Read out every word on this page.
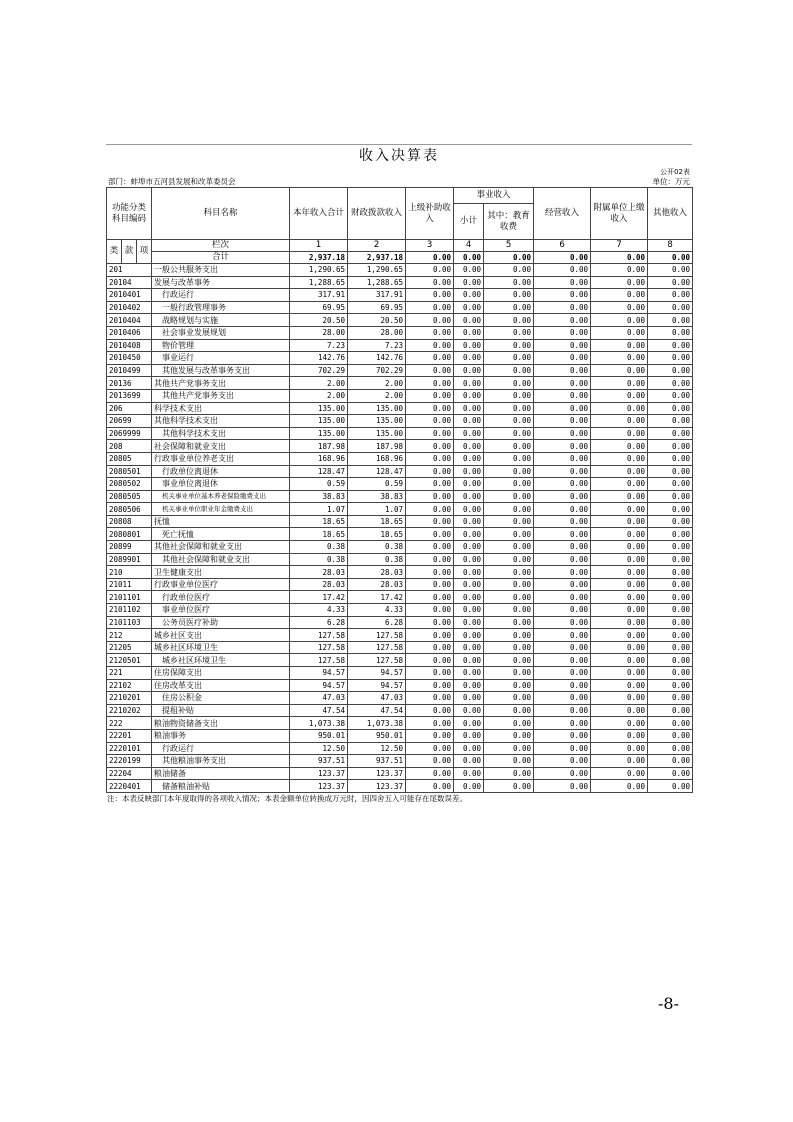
收入决算表
公开02表
部门：蚌埠市五河县发展和改革委员会	单位：万元
功能分类科目编码			科目名称	本年收入合计	财政拨款收入	上级补助收入	事业收入		经营收入	附属单位上缴收入	其他收入
							小计	其中：教育收费			
类	款	项	栏次	1	2	3	4	5	6	7	8
			合计	2,937.18	2,937.18	0.00	0.00	0.00	0.00	0.00	0.00
201			一般公共服务支出	1,290.65	1,290.65	0.00	0.00	0.00	0.00	0.00	0.00
20104			发展与改革事务	1,288.65	1,288.65	0.00	0.00	0.00	0.00	0.00	0.00
2010401			行政运行	317.91	317.91	0.00	0.00	0.00	0.00	0.00	0.00
2010402			一般行政管理事务	69.95	69.95	0.00	0.00	0.00	0.00	0.00	0.00
2010404			战略规划与实施	20.50	20.50	0.00	0.00	0.00	0.00	0.00	0.00
2010406			社会事业发展规划	28.00	28.00	0.00	0.00	0.00	0.00	0.00	0.00
2010408			物价管理	7.23	7.23	0.00	0.00	0.00	0.00	0.00	0.00
2010450			事业运行	142.76	142.76	0.00	0.00	0.00	0.00	0.00	0.00
2010499			其他发展与改革事务支出	702.29	702.29	0.00	0.00	0.00	0.00	0.00	0.00
20136			其他共产党事务支出	2.00	2.00	0.00	0.00	0.00	0.00	0.00	0.00
2013699			其他共产党事务支出	2.00	2.00	0.00	0.00	0.00	0.00	0.00	0.00
206			科学技术支出	135.00	135.00	0.00	0.00	0.00	0.00	0.00	0.00
20699			其他科学技术支出	135.00	135.00	0.00	0.00	0.00	0.00	0.00	0.00
2069999			其他科学技术支出	135.00	135.00	0.00	0.00	0.00	0.00	0.00	0.00
208			社会保障和就业支出	187.98	187.98	0.00	0.00	0.00	0.00	0.00	0.00
20805			行政事业单位养老支出	168.96	168.96	0.00	0.00	0.00	0.00	0.00	0.00
2080501			行政单位离退休	128.47	128.47	0.00	0.00	0.00	0.00	0.00	0.00
2080502			事业单位离退休	0.59	0.59	0.00	0.00	0.00	0.00	0.00	0.00
2080505			机关事业单位基本养老保险缴费支出	38.83	38.83	0.00	0.00	0.00	0.00	0.00	0.00
2080506			机关事业单位职业年金缴费支出	1.07	1.07	0.00	0.00	0.00	0.00	0.00	0.00
20808			抚恤	18.65	18.65	0.00	0.00	0.00	0.00	0.00	0.00
2080801			死亡抚恤	18.65	18.65	0.00	0.00	0.00	0.00	0.00	0.00
20899			其他社会保障和就业支出	0.38	0.38	0.00	0.00	0.00	0.00	0.00	0.00
2089901			其他社会保障和就业支出	0.38	0.38	0.00	0.00	0.00	0.00	0.00	0.00
210			卫生健康支出	28.03	28.03	0.00	0.00	0.00	0.00	0.00	0.00
21011			行政事业单位医疗	28.03	28.03	0.00	0.00	0.00	0.00	0.00	0.00
2101101			行政单位医疗	17.42	17.42	0.00	0.00	0.00	0.00	0.00	0.00
2101102			事业单位医疗	4.33	4.33	0.00	0.00	0.00	0.00	0.00	0.00
2101103			公务员医疗补助	6.28	6.28	0.00	0.00	0.00	0.00	0.00	0.00
212			城乡社区支出	127.58	127.58	0.00	0.00	0.00	0.00	0.00	0.00
21205			城乡社区环境卫生	127.58	127.58	0.00	0.00	0.00	0.00	0.00	0.00
2120501			城乡社区环境卫生	127.58	127.58	0.00	0.00	0.00	0.00	0.00	0.00
221			住房保障支出	94.57	94.57	0.00	0.00	0.00	0.00	0.00	0.00
22102			住房改革支出	94.57	94.57	0.00	0.00	0.00	0.00	0.00	0.00
2210201			住房公积金	47.03	47.03	0.00	0.00	0.00	0.00	0.00	0.00
2210202			提租补贴	47.54	47.54	0.00	0.00	0.00	0.00	0.00	0.00
222			粮油物资储备支出	1,073.38	1,073.38	0.00	0.00	0.00	0.00	0.00	0.00
22201			粮油事务	950.01	950.01	0.00	0.00	0.00	0.00	0.00	0.00
2220101			行政运行	12.50	12.50	0.00	0.00	0.00	0.00	0.00	0.00
2220199			其他粮油事务支出	937.51	937.51	0.00	0.00	0.00	0.00	0.00	0.00
22204			粮油储备	123.37	123.37	0.00	0.00	0.00	0.00	0.00	0.00
2220401			储备粮油补贴	123.37	123.37	0.00	0.00	0.00	0.00	0.00	0.00
注：本表反映部门本年度取得的各项收入情况；本表金额单位转换成万元时，因四舍五入可能存在尾数误差。
-8-
